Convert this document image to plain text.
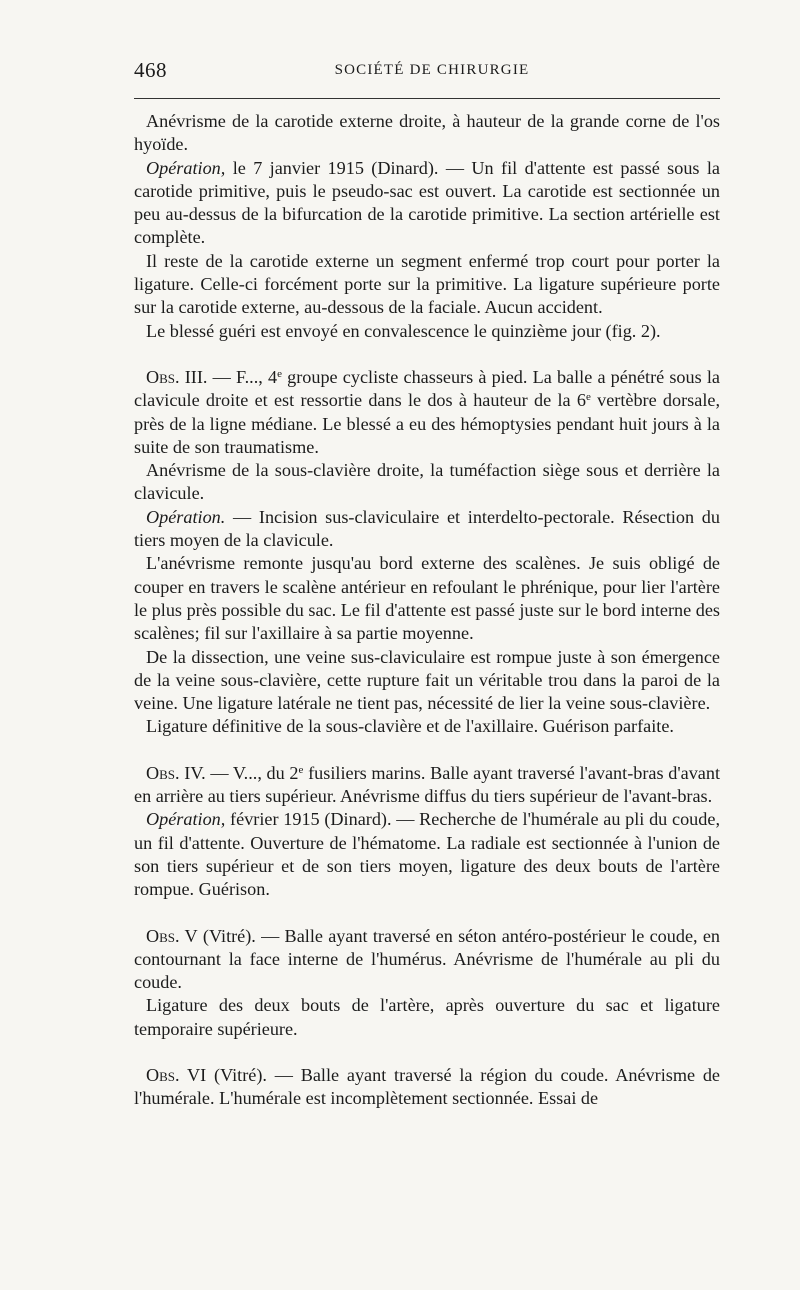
468	SOCIÉTÉ DE CHIRURGIE

Anévrisme de la carotide externe droite, à hauteur de la grande corne de l'os hyoïde.

Opération, le 7 janvier 1915 (Dinard). — Un fil d'attente est passé sous la carotide primitive, puis le pseudo-sac est ouvert. La carotide est sectionnée un peu au-dessus de la bifurcation de la carotide primitive. La section artérielle est complète.

Il reste de la carotide externe un segment enfermé trop court pour porter la ligature. Celle-ci forcément porte sur la primitive. La ligature supérieure porte sur la carotide externe, au-dessous de la faciale. Aucun accident.

Le blessé guéri est envoyé en convalescence le quinzième jour (fig. 2).

Obs. III. — F..., 4e groupe cycliste chasseurs à pied. La balle a pénétré sous la clavicule droite et est ressortie dans le dos à hauteur de la 6e vertèbre dorsale, près de la ligne médiane. Le blessé a eu des hémoptysies pendant huit jours à la suite de son traumatisme.

Anévrisme de la sous-clavière droite, la tuméfaction siège sous et derrière la clavicule.

Opération. — Incision sus-claviculaire et interdelto-pectorale. Résection du tiers moyen de la clavicule.

L'anévrisme remonte jusqu'au bord externe des scalènes. Je suis obligé de couper en travers le scalène antérieur en refoulant le phrénique, pour lier l'artère le plus près possible du sac. Le fil d'attente est passé juste sur le bord interne des scalènes; fil sur l'axillaire à sa partie moyenne.

De la dissection, une veine sus-claviculaire est rompue juste à son émergence de la veine sous-clavière, cette rupture fait un véritable trou dans la paroi de la veine. Une ligature latérale ne tient pas, nécessité de lier la veine sous-clavière.

Ligature définitive de la sous-clavière et de l'axillaire. Guérison parfaite.

Obs. IV. — V..., du 2e fusiliers marins. Balle ayant traversé l'avant-bras d'avant en arrière au tiers supérieur. Anévrisme diffus du tiers supérieur de l'avant-bras.

Opération, février 1915 (Dinard). — Recherche de l'humérale au pli du coude, un fil d'attente. Ouverture de l'hématome. La radiale est sectionnée à l'union de son tiers supérieur et de son tiers moyen, ligature des deux bouts de l'artère rompue. Guérison.

Obs. V (Vitré). — Balle ayant traversé en séton antéro-postérieur le coude, en contournant la face interne de l'humérus. Anévrisme de l'humérale au pli du coude.

Ligature des deux bouts de l'artère, après ouverture du sac et ligature temporaire supérieure.

Obs. VI (Vitré). — Balle ayant traversé la région du coude. Anévrisme de l'humérale. L'humérale est incomplètement sectionnée. Essai de
